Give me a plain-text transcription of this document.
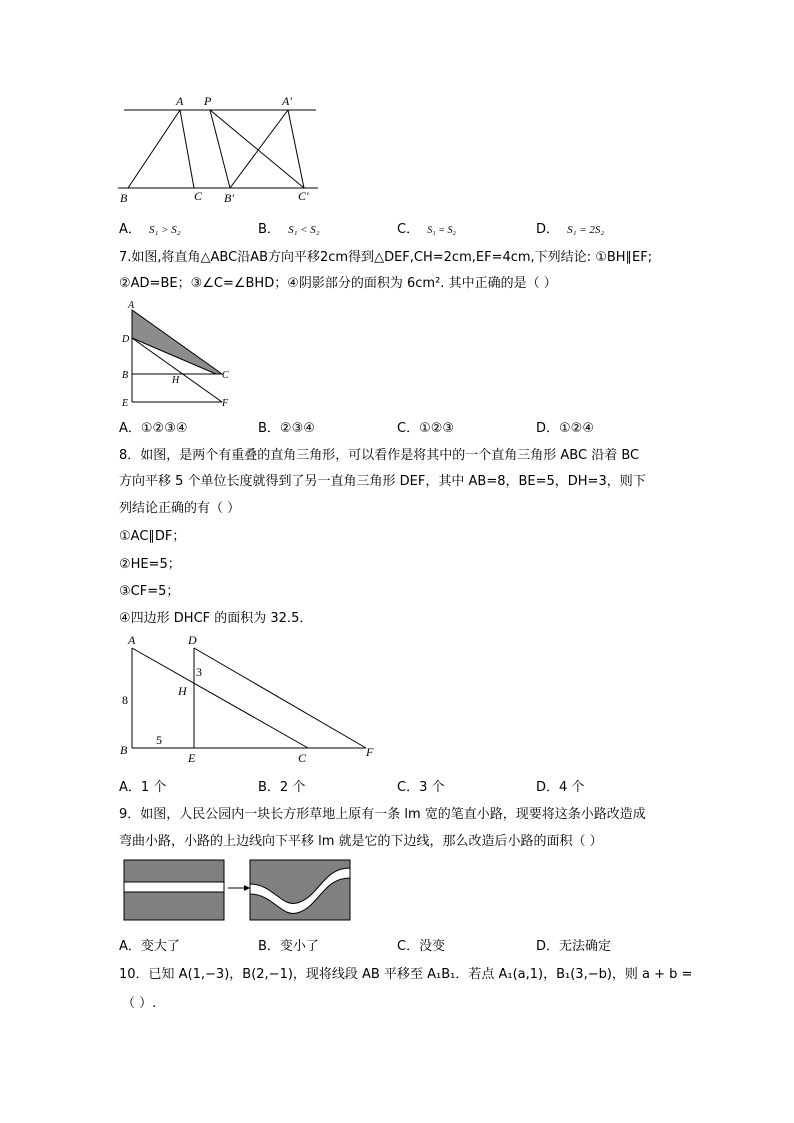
A P	A′
B	C B′	C′
A． S₁ > S₂	B． S₁ < S₂	C． S₁ = S₂	D． S₁ = 2S₂
7.如图,将直角△ABC沿AB方向平移2cm得到△DEF,CH=2cm,EF=4cm,下列结论: ①BH∥EF;
②AD=BE；③∠C=∠BHD；④阴影部分的面积为 6cm². 其中正确的是（ ）
A
D
B	H	C
E	F
A．①②③④	B．②③④	C．①②③	D．①②④
8．如图，是两个有重叠的直角三角形，可以看作是将其中的一个直角三角形 ABC 沿着 BC
方向平移 5 个单位长度就得到了另一直角三角形 DEF，其中 AB=8，BE=5，DH=3，则下
列结论正确的有（ ）
①AC∥DF；
②HE=5；
③CF=5；
④四边形 DHCF 的面积为 32.5．
A	D
3
H
8
5
B
E	C	F
A．1 个	B．2 个	C．3 个	D．4 个
9．如图，人民公园内一块长方形草地上原有一条 lm 宽的笔直小路，现要将这条小路改造成
弯曲小路，小路的上边线向下平移 lm 就是它的下边线，那么改造后小路的面积（ ）
A．变大了	B．变小了	C．没变	D．无法确定
10．已知 A(1,−3)，B(2,−1)，现将线段 AB 平移至 A₁B₁．若点 A₁(a,1)，B₁(3,−b)，则 a + b =
（ ）.
